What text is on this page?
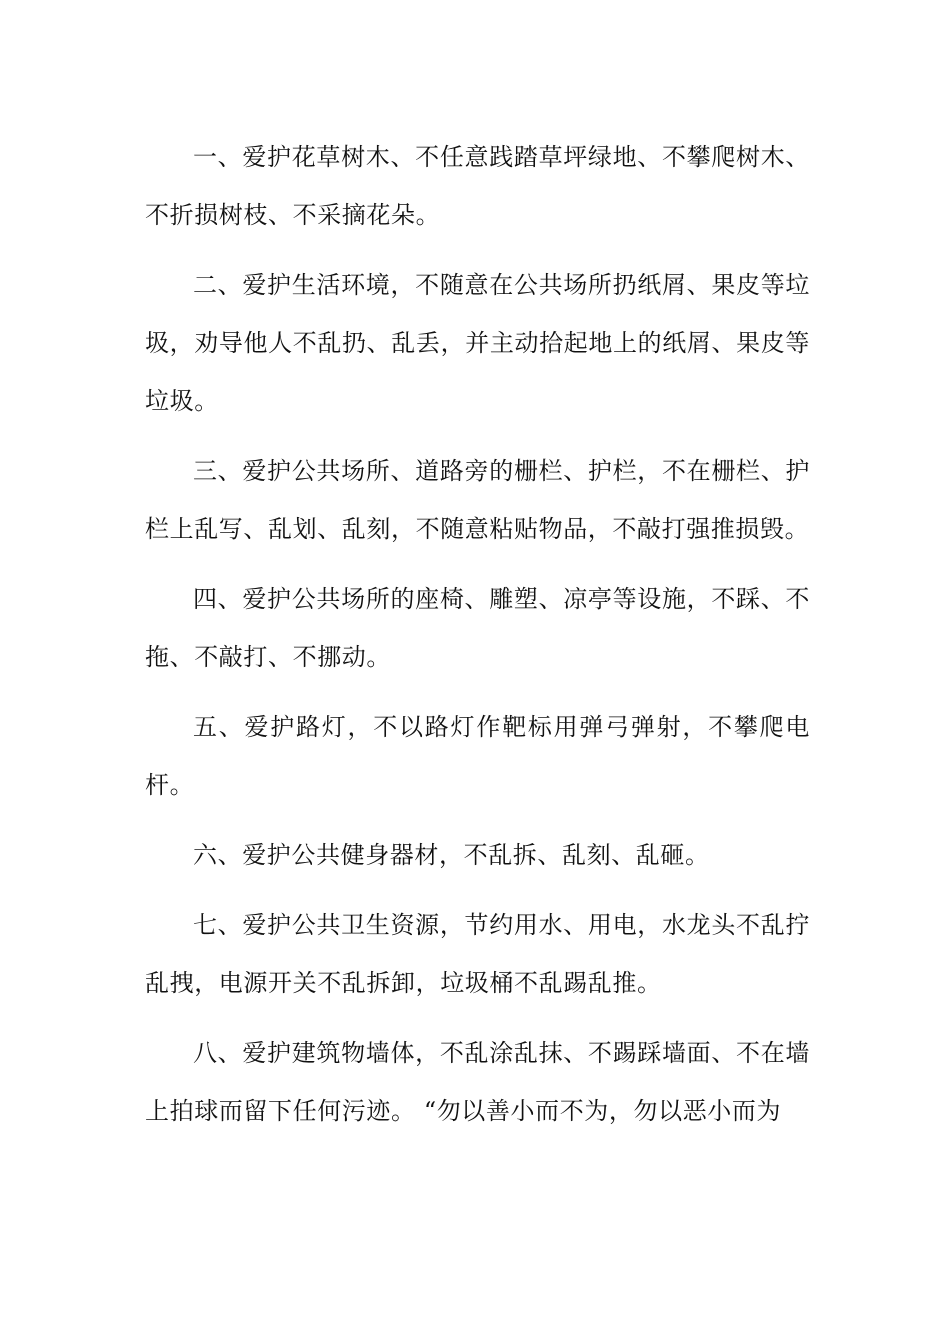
一、爱护花草树木、不任意践踏草坪绿地、不攀爬树木、不折损树枝、不采摘花朵。

二、爱护生活环境，不随意在公共场所扔纸屑、果皮等垃圾，劝导他人不乱扔、乱丢，并主动拾起地上的纸屑、果皮等垃圾。

三、爱护公共场所、道路旁的栅栏、护栏，不在栅栏、护栏上乱写、乱划、乱刻，不随意粘贴物品，不敲打强推损毁。

四、爱护公共场所的座椅、雕塑、凉亭等设施，不踩、不拖、不敲打、不挪动。

五、爱护路灯，不以路灯作靶标用弹弓弹射，不攀爬电杆。

六、爱护公共健身器材，不乱拆、乱刻、乱砸。

七、爱护公共卫生资源，节约用水、用电，水龙头不乱拧乱拽，电源开关不乱拆卸，垃圾桶不乱踢乱推。

八、爱护建筑物墙体，不乱涂乱抹、不踢踩墙面、不在墙上拍球而留下任何污迹。 “勿以善小而不为，勿以恶小而为
